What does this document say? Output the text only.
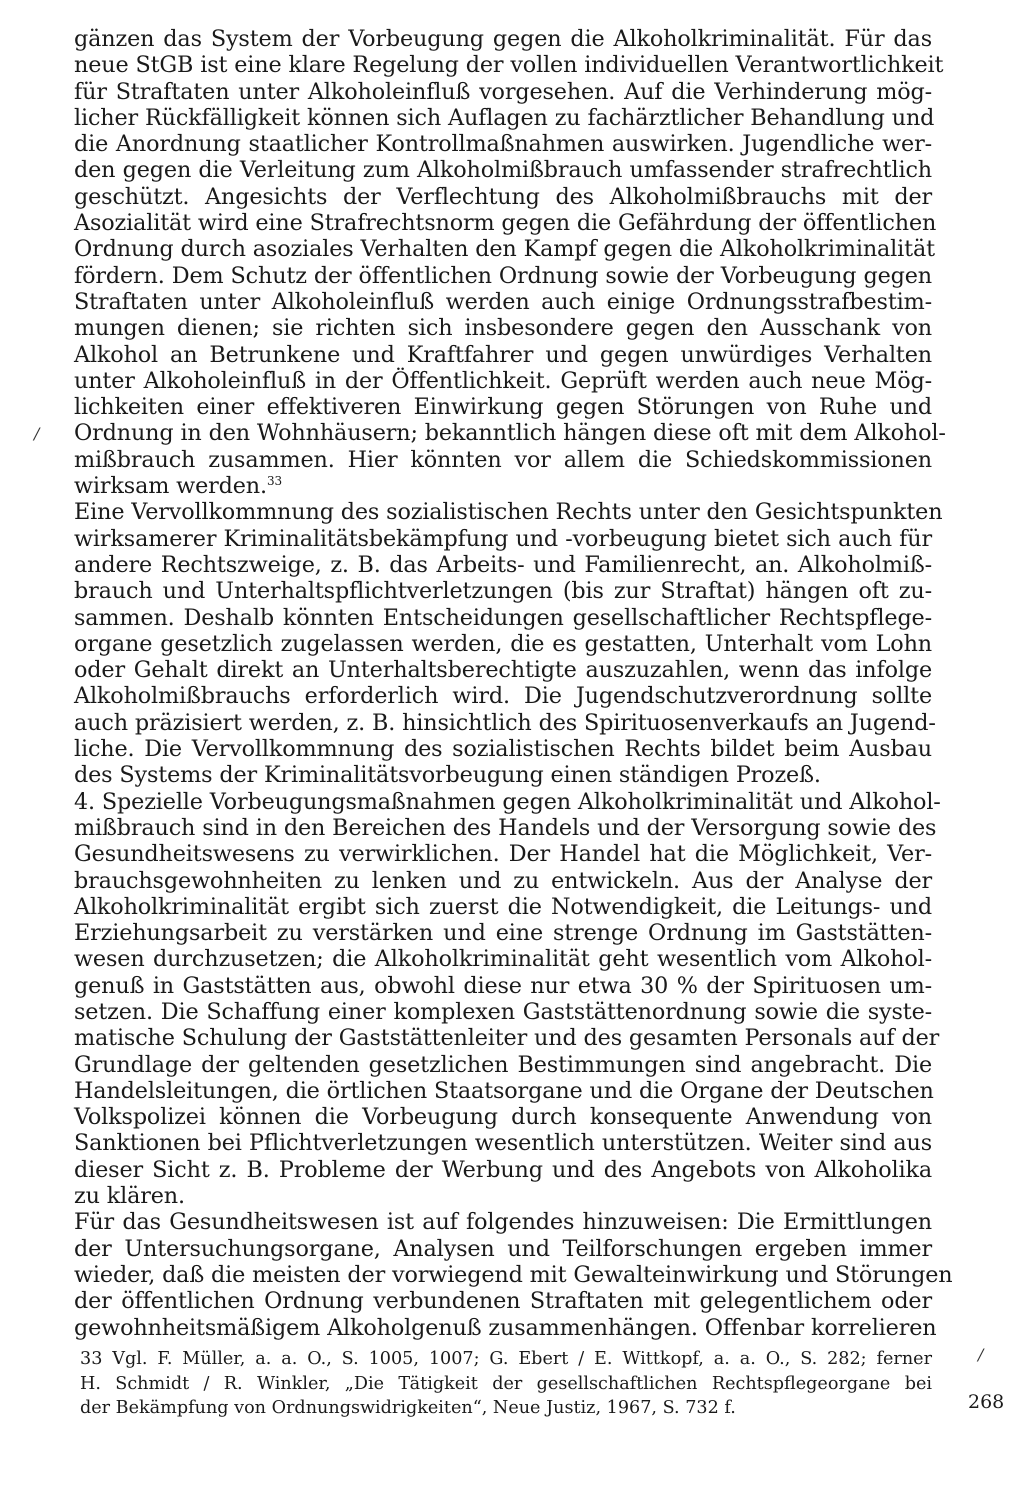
gänzen das System der Vorbeugung gegen die Alkoholkriminalität. Für das
neue StGB ist eine klare Regelung der vollen individuellen Verantwortlichkeit
für Straftaten unter Alkoholeinfluß vorgesehen. Auf die Verhinderung mög-
licher Rückfälligkeit können sich Auflagen zu fachärztlicher Behandlung und
die Anordnung staatlicher Kontrollmaßnahmen auswirken. Jugendliche wer-
den gegen die Verleitung zum Alkoholmißbrauch umfassender strafrechtlich
geschützt. Angesichts der Verflechtung des Alkoholmißbrauchs mit der
Asozialität wird eine Strafrechtsnorm gegen die Gefährdung der öffentlichen
Ordnung durch asoziales Verhalten den Kampf gegen die Alkoholkriminalität
fördern. Dem Schutz der öffentlichen Ordnung sowie der Vorbeugung gegen
Straftaten unter Alkoholeinfluß werden auch einige Ordnungsstrafbestim-
mungen dienen; sie richten sich insbesondere gegen den Ausschank von
Alkohol an Betrunkene und Kraftfahrer und gegen unwürdiges Verhalten
unter Alkoholeinfluß in der Öffentlichkeit. Geprüft werden auch neue Mög-
lichkeiten einer effektiveren Einwirkung gegen Störungen von Ruhe und
Ordnung in den Wohnhäusern; bekanntlich hängen diese oft mit dem Alkohol-
mißbrauch zusammen. Hier könnten vor allem die Schiedskommissionen
wirksam werden.$^{33}$
Eine Vervollkommnung des sozialistischen Rechts unter den Gesichtspunkten
wirksamerer Kriminalitätsbekämpfung und -vorbeugung bietet sich auch für
andere Rechtszweige, z. B. das Arbeits- und Familienrecht, an. Alkoholmiß-
brauch und Unterhaltspflichtverletzungen (bis zur Straftat) hängen oft zu-
sammen. Deshalb könnten Entscheidungen gesellschaftlicher Rechtspflege-
organe gesetzlich zugelassen werden, die es gestatten, Unterhalt vom Lohn
oder Gehalt direkt an Unterhaltsberechtigte auszuzahlen, wenn das infolge
Alkoholmißbrauchs erforderlich wird. Die Jugendschutzverordnung sollte
auch präzisiert werden, z. B. hinsichtlich des Spirituosenverkaufs an Jugend-
liche. Die Vervollkommnung des sozialistischen Rechts bildet beim Ausbau
des Systems der Kriminalitätsvorbeugung einen ständigen Prozeß.
4. Spezielle Vorbeugungsmaßnahmen gegen Alkoholkriminalität und Alkohol-
mißbrauch sind in den Bereichen des Handels und der Versorgung sowie des
Gesundheitswesens zu verwirklichen. Der Handel hat die Möglichkeit, Ver-
brauchsgewohnheiten zu lenken und zu entwickeln. Aus der Analyse der
Alkoholkriminalität ergibt sich zuerst die Notwendigkeit, die Leitungs- und
Erziehungsarbeit zu verstärken und eine strenge Ordnung im Gaststätten-
wesen durchzusetzen; die Alkoholkriminalität geht wesentlich vom Alkohol-
genuß in Gaststätten aus, obwohl diese nur etwa 30 % der Spirituosen um-
setzen. Die Schaffung einer komplexen Gaststättenordnung sowie die syste-
matische Schulung der Gaststättenleiter und des gesamten Personals auf der
Grundlage der geltenden gesetzlichen Bestimmungen sind angebracht. Die
Handelsleitungen, die örtlichen Staatsorgane und die Organe der Deutschen
Volkspolizei können die Vorbeugung durch konsequente Anwendung von
Sanktionen bei Pflichtverletzungen wesentlich unterstützen. Weiter sind aus
dieser Sicht z. B. Probleme der Werbung und des Angebots von Alkoholika
zu klären.
Für das Gesundheitswesen ist auf folgendes hinzuweisen: Die Ermittlungen
der Untersuchungsorgane, Analysen und Teilforschungen ergeben immer
wieder, daß die meisten der vorwiegend mit Gewalteinwirkung und Störungen
der öffentlichen Ordnung verbundenen Straftaten mit gelegentlichem oder
gewohnheitsmäßigem Alkoholgenuß zusammenhängen. Offenbar korrelieren
/
/
33 Vgl. F. Müller, a. a. O., S. 1005, 1007; G. Ebert / E. Wittkopf, a. a. O., S. 282; ferner
H. Schmidt / R. Winkler, „Die Tätigkeit der gesellschaftlichen Rechtspflegeorgane bei
der Bekämpfung von Ordnungswidrigkeiten“, Neue Justiz, 1967, S. 732 f.	268
